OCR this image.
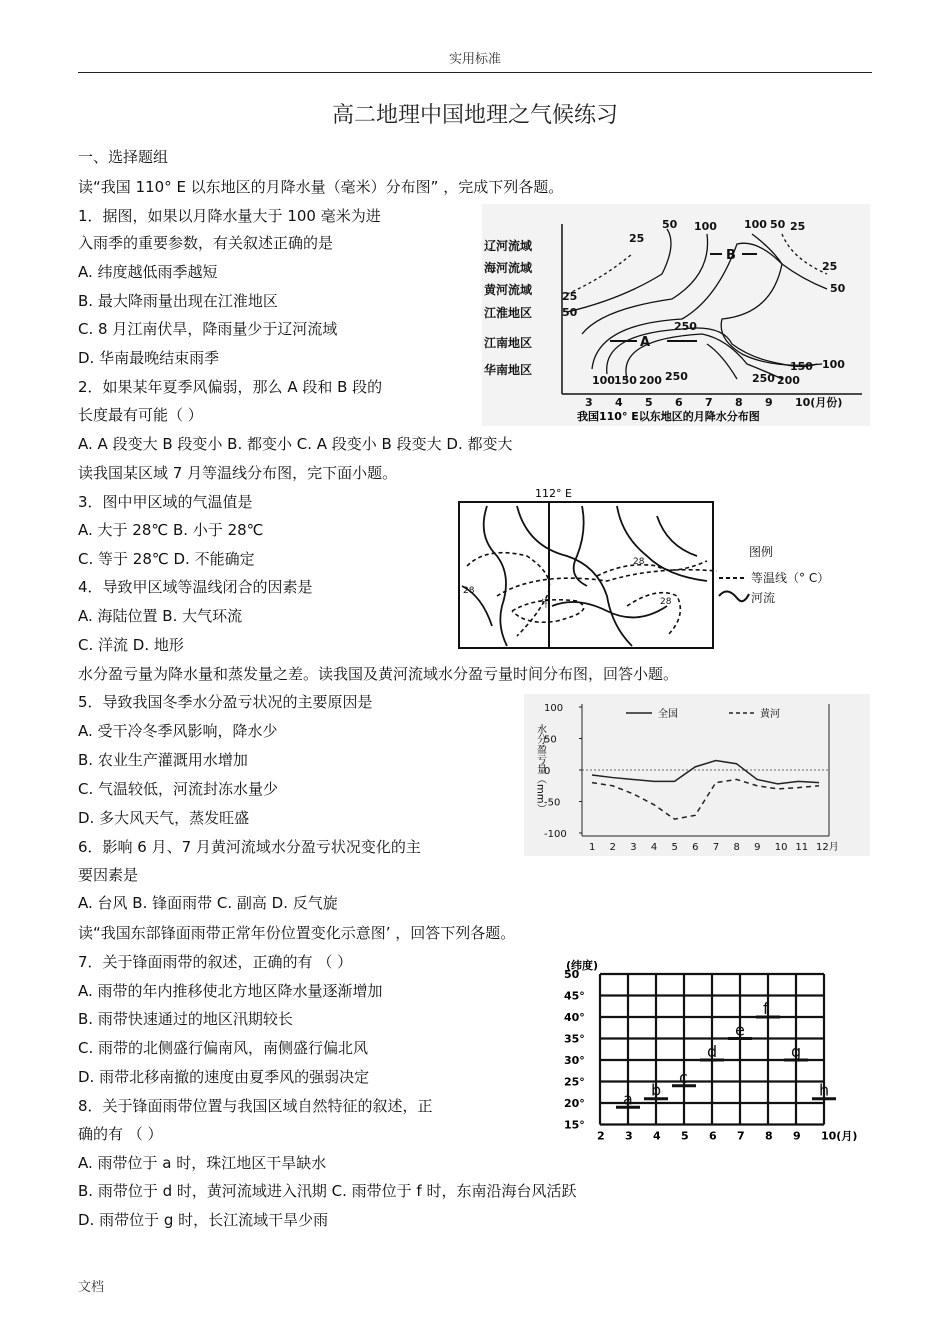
实用标准
高二地理中国地理之气候练习
一、选择题组
读“我国 110° E 以东地区的月降水量（毫米）分布图” ，完成下列各题。
1．据图，如果以月降水量大于 100 毫米为进
入雨季的重要参数，有关叙述正确的是
A. 纬度越低雨季越短
B. 最大降雨量出现在江淮地区
C. 8 月江南伏旱，降雨量少于辽河流域
D. 华南最晚结束雨季
2．如果某年夏季风偏弱，那么 A 段和 B 段的
长度最有可能（ ）
A. A 段变大 B 段变小 B. 都变小 C. A 段变小 B 段变大 D. 都变大
读我国某区域 7 月等温线分布图，完下面小题。
3．图中甲区域的气温值是
A. 大于 28℃ B. 小于 28℃
C. 等于 28℃ D. 不能确定
4．导致甲区域等温线闭合的因素是
A. 海陆位置 B. 大气环流
C. 洋流 D. 地形
水分盈亏量为降水量和蒸发量之差。读我国及黄河流域水分盈亏量时间分布图，回答小题。
5．导致我国冬季水分盈亏状况的主要原因是
A. 受干冷冬季风影响，降水少
B. 农业生产灌溉用水增加
C. 气温较低，河流封冻水量少
D. 多大风天气，蒸发旺盛
6．影响 6 月、7 月黄河流域水分盈亏状况变化的主
要因素是
A. 台风 B. 锋面雨带 C. 副高 D. 反气旋
读“我国东部锋面雨带正常年份位置变化示意图’ ，回答下列各题。
7．关于锋面雨带的叙述，正确的有 （ ）
A. 雨带的年内推移使北方地区降水量逐渐增加
B. 雨带快速通过的地区汛期较长
C. 雨带的北侧盛行偏南风，南侧盛行偏北风
D. 雨带北移南撤的速度由夏季风的强弱决定
8．关于锋面雨带位置与我国区域自然特征的叙述，正
确的有 （ ）
A. 雨带位于 a 时，珠江地区干旱缺水
B. 雨带位于 d 时，黄河流域进入汛期 C. 雨带位于 f 时，东南沿海台风活跃
D. 雨带位于 g 时，长江流域干旱少雨
辽河流域
海河流域
黄河流域
江淮地区
江南地区
华南地区
3 4 5 6 7 8 9 10(月份)
我国110° E以东地区的月降水分布图
25
50 100 100 50 25
25
50
25
50
250
A
B
150 100
100 150 200 250	250 200
112° E
28
28
28
甲
图例
等温线（° C）
河流
水分盈亏量（mm）
100
50
0
-50
-100
1 2 3 4 5 6 7 8 9 10 11 12月
全国	黄河
(纬度)
50
45°
40°
35°
30°
25°
20°
15°
2 3 4 5 6 7 8 9 10(月)
a b
c
d
e
f
g
h
文档
